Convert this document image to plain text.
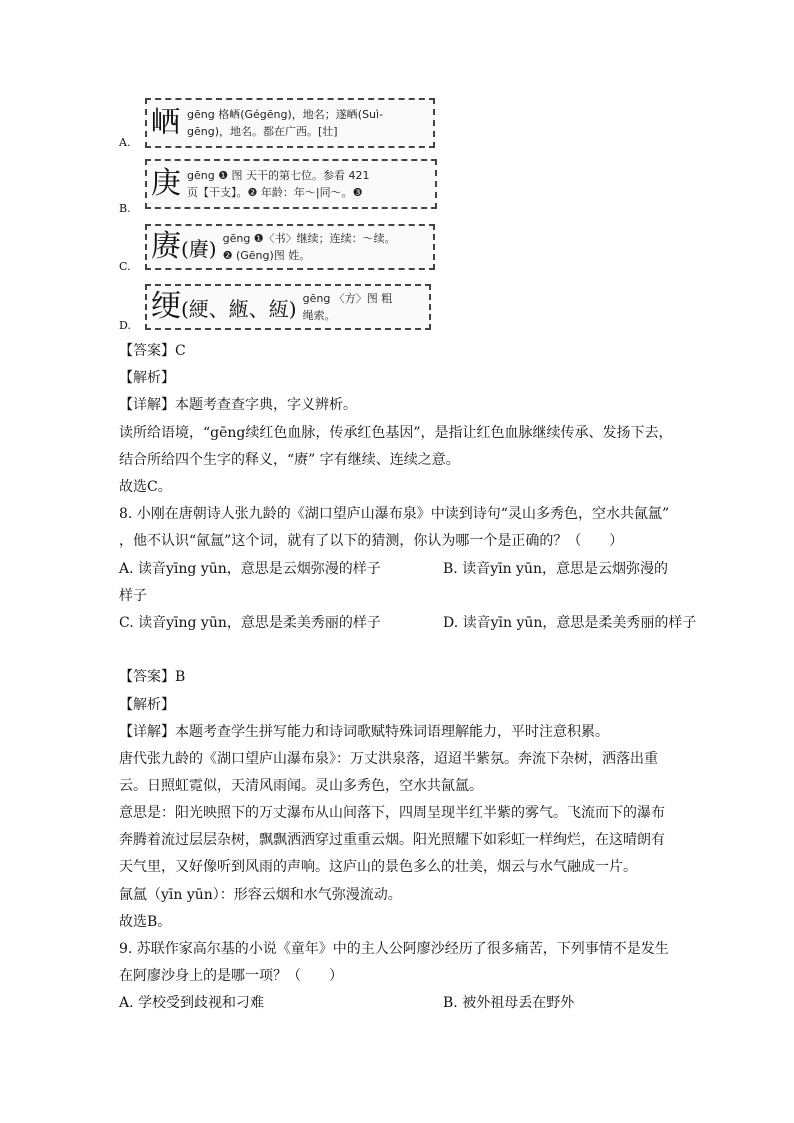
A.
𡶼 gēng 格𡶼(Gégēng)，地名；遂𡶼(Suì-
gēng)，地名。都在广西。[壮]
B.
庚 gēng ❶ 图 天干的第七位。参看 421
页【干支】。❷ 年龄：年～|同～。❸
C.
赓(賡) gēng ❶〈书〉继续；连续：～续。
❷ (Gēng)图 姓。
D.
绠(綆、緪、絚) gēng 〈方〉图 粗
绳索。
【答案】C
【解析】
【详解】本题考查查字典，字义辨析。
读所给语境，“gēng续红色血脉，传承红色基因”，是指让红色血脉继续传承、发扬下去，
结合所给四个生字的释义，“赓” 字有继续、连续之意。
故选C。
8. 小刚在唐朝诗人张九龄的《湖口望庐山瀑布泉》中读到诗句“灵山多秀色，空水共氤氲”
，他不认识“氤氲”这个词，就有了以下的猜测，你认为哪一个是正确的？（　　）
A. 读音yīng yūn，意思是云烟弥漫的样子	B. 读音yīn yūn，意思是云烟弥漫的
样子
C. 读音yīng yūn，意思是柔美秀丽的样子	D. 读音yīn yūn，意思是柔美秀丽的样子
【答案】B
【解析】
【详解】本题考查学生拼写能力和诗词歌赋特殊词语理解能力，平时注意积累。
唐代张九龄的《湖口望庐山瀑布泉》：万丈洪泉落，迢迢半紫氛。奔流下杂树，洒落出重
云。日照虹霓似，天清风雨闻。灵山多秀色，空水共氤氲。
意思是：阳光映照下的万丈瀑布从山间落下，四周呈现半红半紫的雾气。飞流而下的瀑布
奔腾着流过层层杂树，飘飘洒洒穿过重重云烟。阳光照耀下如彩虹一样绚烂，在这晴朗有
天气里，又好像听到风雨的声响。这庐山的景色多么的壮美，烟云与水气融成一片。
氤氲（yīn yūn）：形容云烟和水气弥漫流动。
故选B。
9. 苏联作家高尔基的小说《童年》中的主人公阿廖沙经历了很多痛苦，下列事情不是发生
在阿廖沙身上的是哪一项？（　　）
A. 学校受到歧视和刁难	B. 被外祖母丢在野外
